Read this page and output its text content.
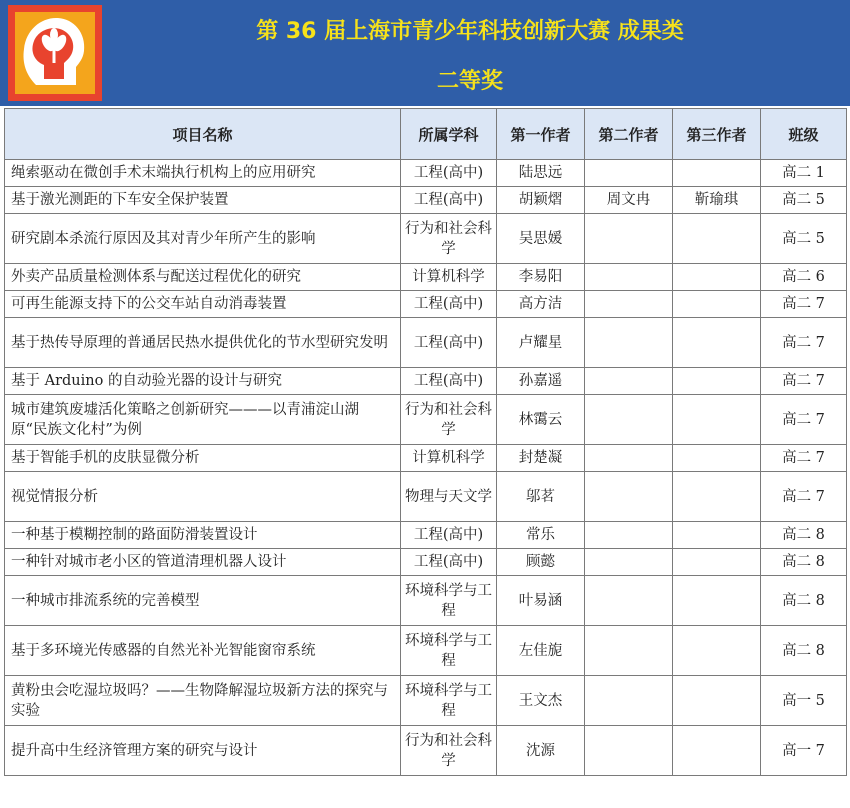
第 36 届上海市青少年科技创新大赛 成果类
二等奖
项目名称	所属学科	第一作者	第二作者	第三作者	班级
绳索驱动在微创手术末端执行机构上的应用研究	工程(高中)	陆思远			高二 1
基于激光测距的下车安全保护装置	工程(高中)	胡颖熠	周文冉	靳瑜琪	高二 5
研究剧本杀流行原因及其对青少年所产生的影响	行为和社会科学	吴思媛			高二 5
外卖产品质量检测体系与配送过程优化的研究	计算机科学	李易阳			高二 6
可再生能源支持下的公交车站自动消毒装置	工程(高中)	高方洁			高二 7
基于热传导原理的普通居民热水提供优化的节水型研究发明	工程(高中)	卢耀星			高二 7
基于 Arduino 的自动验光器的设计与研究	工程(高中)	孙嘉遥			高二 7
城市建筑废墟活化策略之创新研究———以青浦淀山湖原“民族文化村”为例	行为和社会科学	林霭云			高二 7
基于智能手机的皮肤显微分析	计算机科学	封楚凝			高二 7
视觉情报分析	物理与天文学	邬茗			高二 7
一种基于模糊控制的路面防滑装置设计	工程(高中)	常乐			高二 8
一种针对城市老小区的管道清理机器人设计	工程(高中)	顾懿			高二 8
一种城市排流系统的完善模型	环境科学与工程	叶易涵			高二 8
基于多环境光传感器的自然光补光智能窗帘系统	环境科学与工程	左佳旎			高二 8
黄粉虫会吃湿垃圾吗？——生物降解湿垃圾新方法的探究与实验	环境科学与工程	王文杰			高一 5
提升高中生经济管理方案的研究与设计	行为和社会科学	沈源			高一 7
